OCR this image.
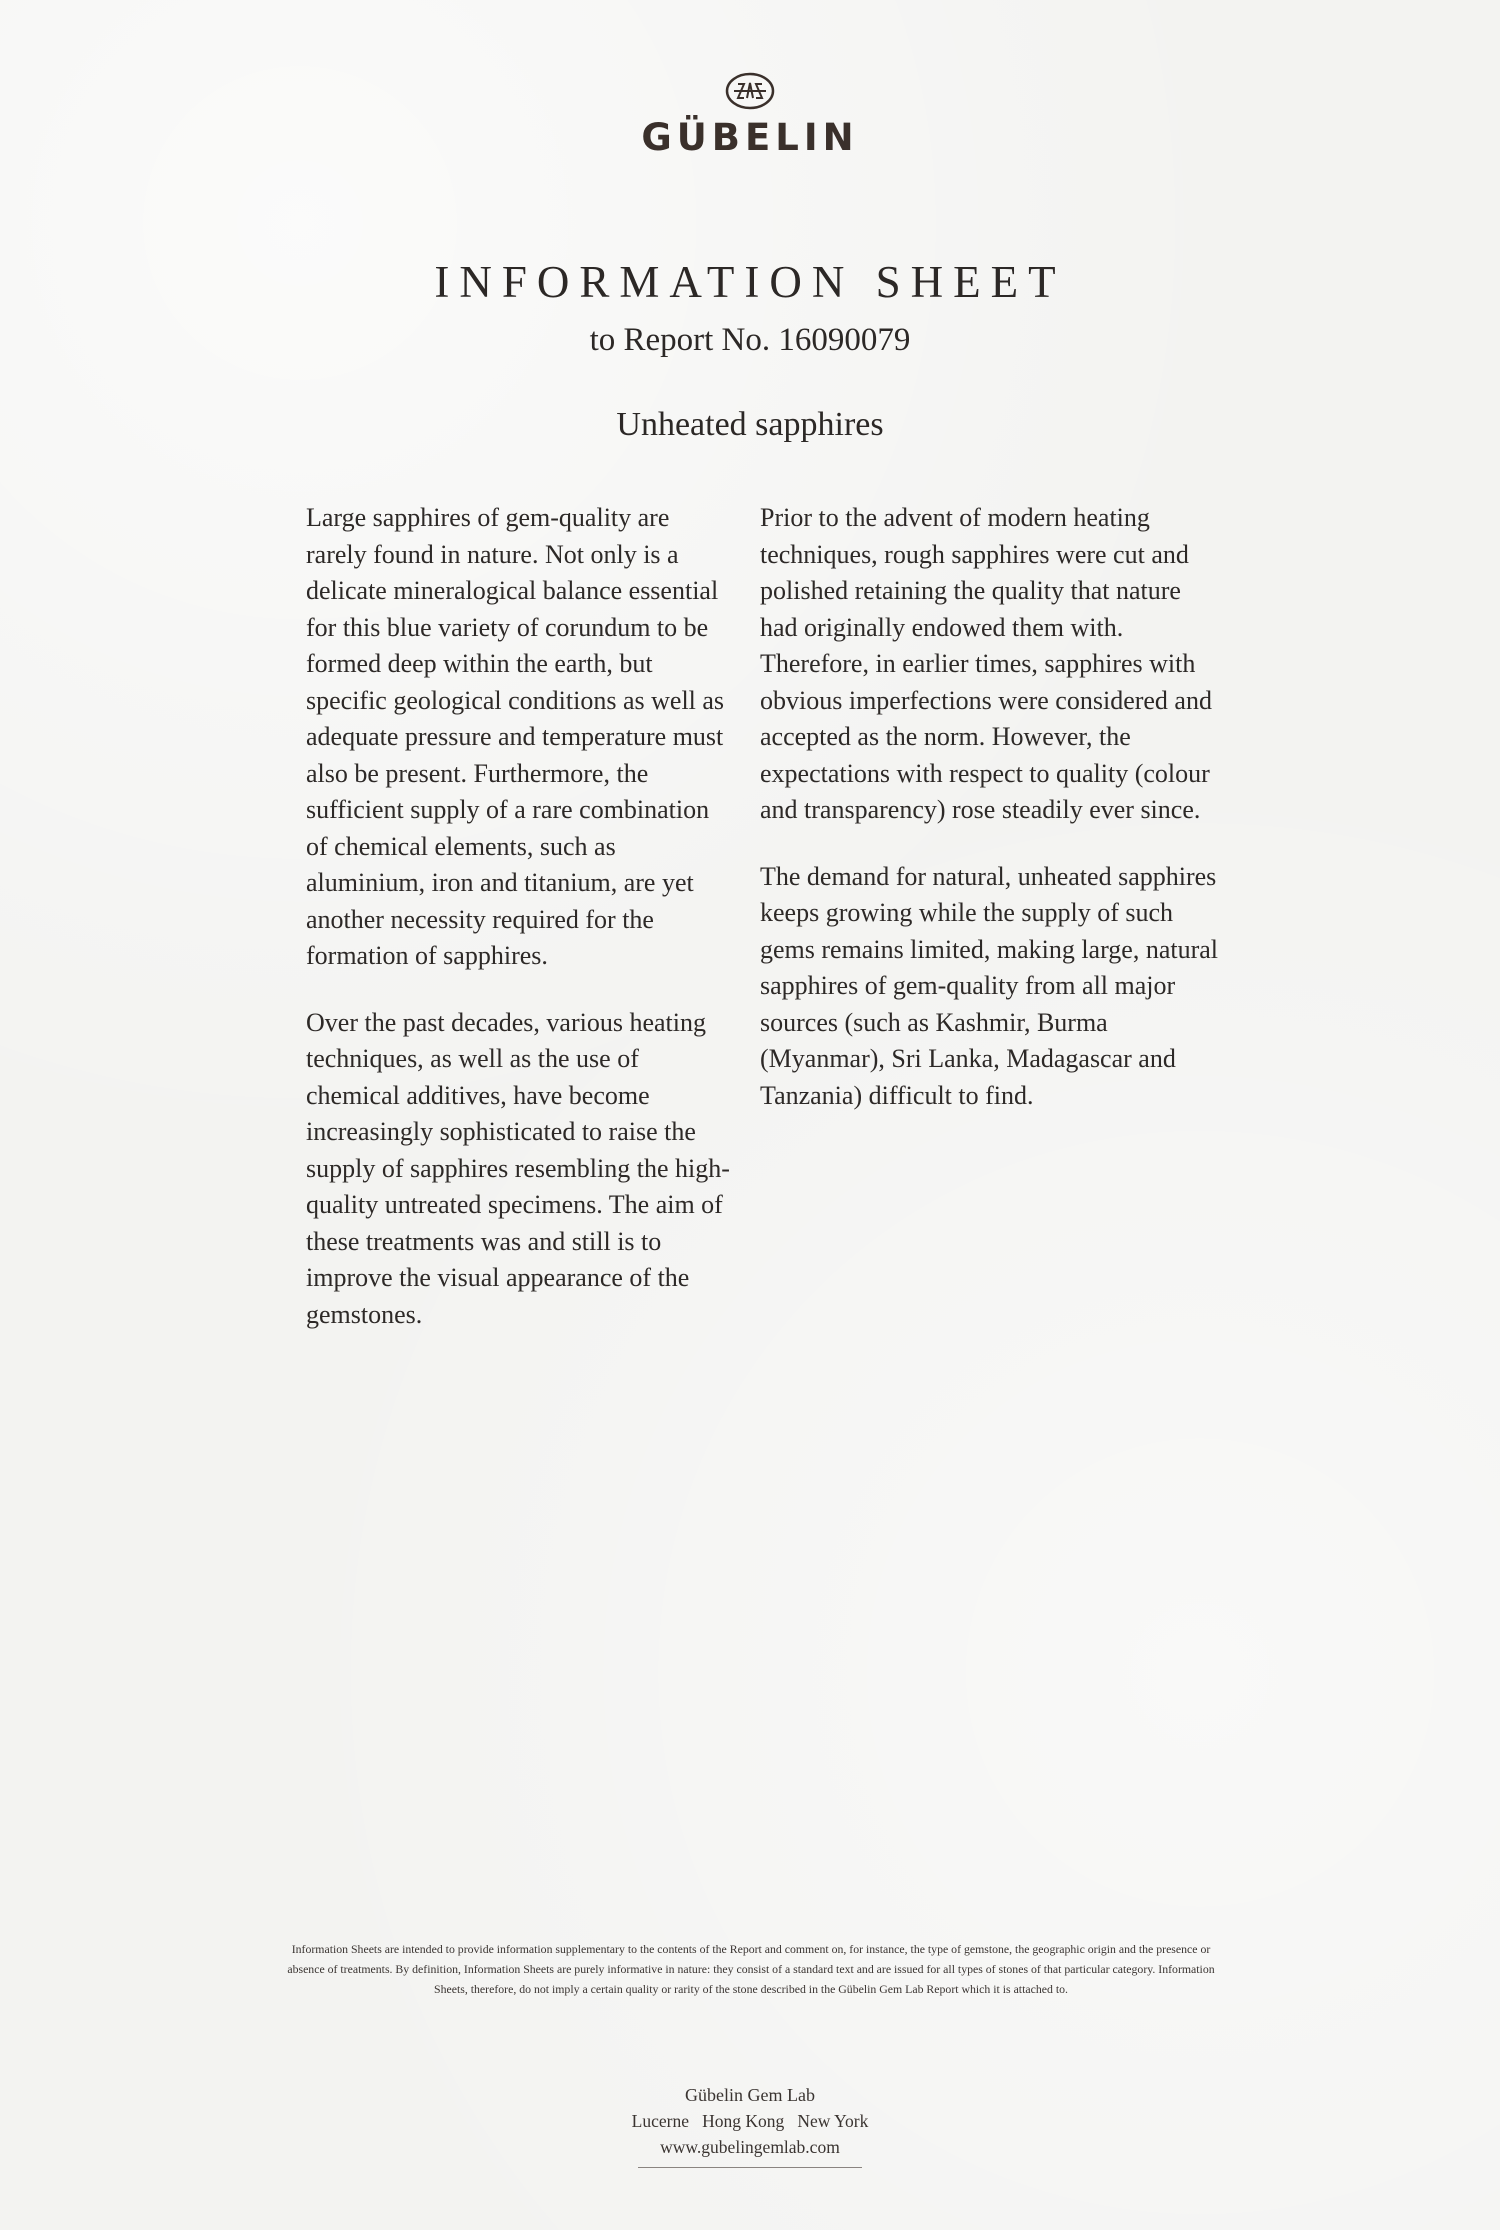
GÜBELIN
INFORMATION SHEET
to Report No. 16090079
Unheated sapphires

Large sapphires of gem-quality are rarely found in nature. Not only is a delicate mineralogical balance essential for this blue variety of corundum to be formed deep within the earth, but specific geological conditions as well as adequate pressure and temperature must also be present. Furthermore, the sufficient supply of a rare combination of chemical elements, such as aluminium, iron and titanium, are yet another necessity required for the formation of sapphires.

Over the past decades, various heating techniques, as well as the use of chemical additives, have become increasingly sophisticated to raise the supply of sapphires resembling the high-quality untreated specimens. The aim of these treatments was and still is to improve the visual appearance of the gemstones.

Prior to the advent of modern heating techniques, rough sapphires were cut and polished retaining the quality that nature had originally endowed them with. Therefore, in earlier times, sapphires with obvious imperfections were considered and accepted as the norm. However, the expectations with respect to quality (colour and transparency) rose steadily ever since.

The demand for natural, unheated sapphires keeps growing while the supply of such gems remains limited, making large, natural sapphires of gem-quality from all major sources (such as Kashmir, Burma (Myanmar), Sri Lanka, Madagascar and Tanzania) difficult to find.

Information Sheets are intended to provide information supplementary to the contents of the Report and comment on, for instance, the type of gemstone, the geographic origin and the presence or absence of treatments. By definition, Information Sheets are purely informative in nature: they consist of a standard text and are issued for all types of stones of that particular category. Information Sheets, therefore, do not imply a certain quality or rarity of the stone described in the Gübelin Gem Lab Report which it is attached to.
Gübelin Gem Lab
Lucerne   Hong Kong   New York
www.gubelingemlab.com
